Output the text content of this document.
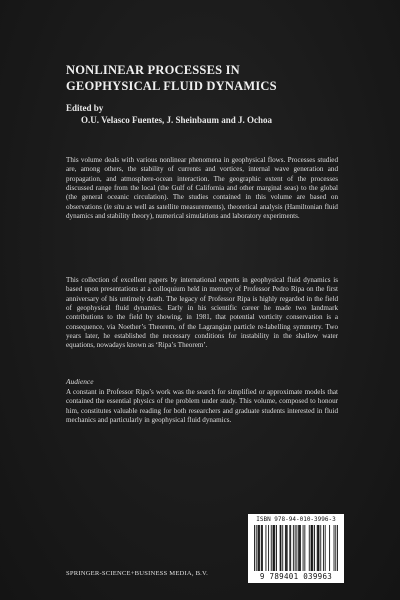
NONLINEAR PROCESSES IN
GEOPHYSICAL FLUID DYNAMICS
Edited by
O.U. Velasco Fuentes, J. Sheinbaum and J. Ochoa

This volume deals with various nonlinear phenomena in geophysical flows. Processes studied are, among others, the stability of currents and vortices, internal wave generation and propagation, and atmosphere-ocean interaction. The geographic extent of the processes discussed range from the local (the Gulf of California and other marginal seas) to the global (the general oceanic circulation). The studies contained in this volume are based on observations (in situ as well as satellite measurements), theoretical analysis (Hamiltonian fluid dynamics and stability theory), numerical simulations and laboratory experiments.

This collection of excellent papers by international experts in geophysical fluid dynamics is based upon presentations at a colloquium held in memory of Professor Pedro Ripa on the first anniversary of his untimely death. The legacy of Professor Ripa is highly regarded in the field of geophysical fluid dynamics. Early in his scientific career he made two landmark contributions to the field by showing, in 1981, that potential vorticity conservation is a consequence, via Noether’s Theorem, of the Lagrangian particle re-labelling symmetry. Two years later, he established the necessary conditions for instability in the shallow water equations, nowadays known as ‘Ripa’s Theorem’.

Audience

A constant in Professor Ripa’s work was the search for simplified or approximate models that contained the essential physics of the problem under study. This volume, composed to honour him, constitutes valuable reading for both researchers and graduate students interested in fluid mechanics and particularly in geophysical fluid dynamics.

ISBN 978-94-010-3996-3
9 789401 039963
SPRINGER-SCIENCE+BUSINESS MEDIA, B.V.
